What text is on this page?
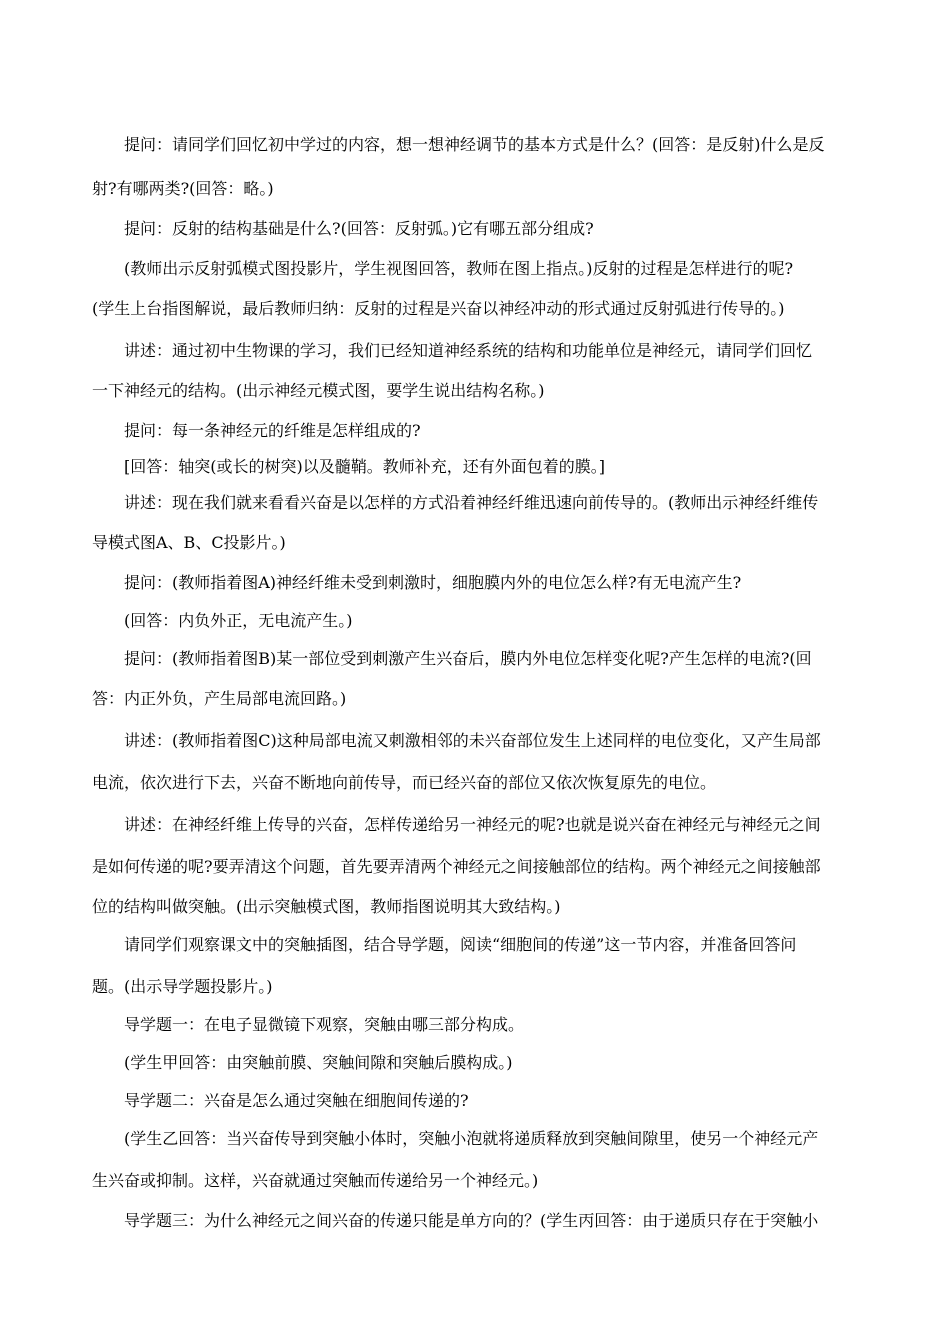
提问：请同学们回忆初中学过的内容，想一想神经调节的基本方式是什么？(回答：是反射)什么是反
射?有哪两类?(回答：略。)
提问：反射的结构基础是什么?(回答：反射弧。)它有哪五部分组成?
(教师出示反射弧模式图投影片，学生视图回答，教师在图上指点。)反射的过程是怎样进行的呢?
(学生上台指图解说，最后教师归纳：反射的过程是兴奋以神经冲动的形式通过反射弧进行传导的。)
讲述：通过初中生物课的学习，我们已经知道神经系统的结构和功能单位是神经元，请同学们回忆
一下神经元的结构。(出示神经元模式图，要学生说出结构名称。)
提问：每一条神经元的纤维是怎样组成的?
[回答：轴突(或长的树突)以及髓鞘。教师补充，还有外面包着的膜。]
讲述：现在我们就来看看兴奋是以怎样的方式沿着神经纤维迅速向前传导的。(教师出示神经纤维传
导模式图A、B、C投影片。)
提问：(教师指着图A)神经纤维未受到刺激时，细胞膜内外的电位怎么样?有无电流产生?
(回答：内负外正，无电流产生。)
提问：(教师指着图B)某一部位受到刺激产生兴奋后，膜内外电位怎样变化呢?产生怎样的电流?(回
答：内正外负，产生局部电流回路。)
讲述：(教师指着图C)这种局部电流又刺激相邻的未兴奋部位发生上述同样的电位变化，又产生局部
电流，依次进行下去，兴奋不断地向前传导，而已经兴奋的部位又依次恢复原先的电位。
讲述：在神经纤维上传导的兴奋，怎样传递给另一神经元的呢?也就是说兴奋在神经元与神经元之间
是如何传递的呢?要弄清这个问题，首先要弄清两个神经元之间接触部位的结构。两个神经元之间接触部
位的结构叫做突触。(出示突触模式图，教师指图说明其大致结构。)
请同学们观察课文中的突触插图，结合导学题，阅读“细胞间的传递”这一节内容，并准备回答问
题。(出示导学题投影片。)
导学题一：在电子显微镜下观察，突触由哪三部分构成。
(学生甲回答：由突触前膜、突触间隙和突触后膜构成。)
导学题二：兴奋是怎么通过突触在细胞间传递的?
(学生乙回答：当兴奋传导到突触小体时，突触小泡就将递质释放到突触间隙里，使另一个神经元产
生兴奋或抑制。这样，兴奋就通过突触而传递给另一个神经元。)
导学题三：为什么神经元之间兴奋的传递只能是单方向的？(学生丙回答：由于递质只存在于突触小
